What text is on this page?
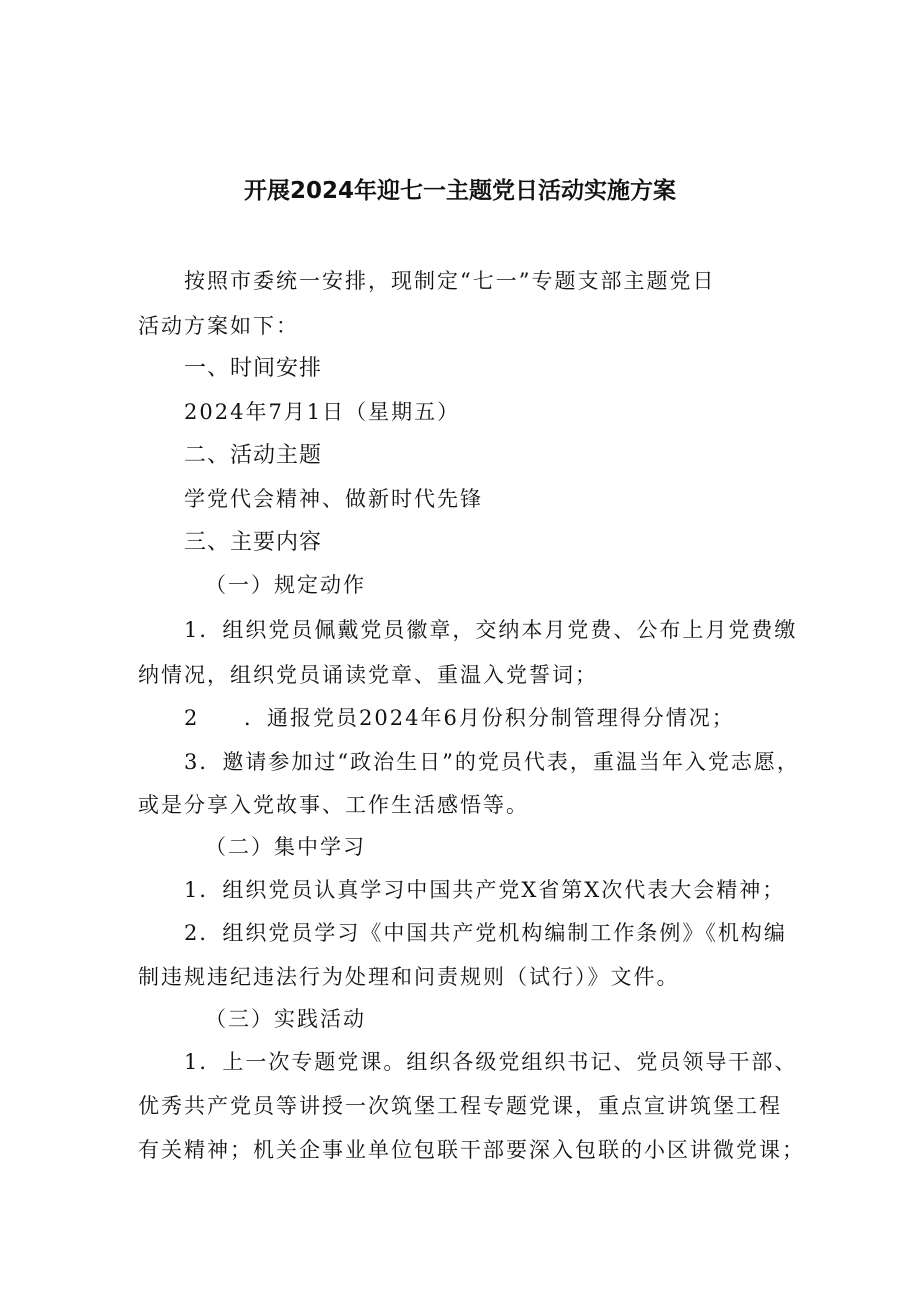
开展2024年迎七一主题党日活动实施方案
按照市委统一安排，现制定“七一”专题支部主题党日
活动方案如下：
一、时间安排
2024年7月1日（星期五）
二、活动主题
学党代会精神、做新时代先锋
三、主要内容
（一）规定动作
1．组织党员佩戴党员徽章，交纳本月党费、公布上月党费缴
纳情况，组织党员诵读党章、重温入党誓词；
2 ．通报党员2024年6月份积分制管理得分情况；
3．邀请参加过“政治生日”的党员代表，重温当年入党志愿，
或是分享入党故事、工作生活感悟等。
（二）集中学习
1．组织党员认真学习中国共产党X省第X次代表大会精神；
2．组织党员学习《中国共产党机构编制工作条例》《机构编
制违规违纪违法行为处理和问责规则（试行）》文件。
（三）实践活动
1．上一次专题党课。组织各级党组织书记、党员领导干部、
优秀共产党员等讲授一次筑堡工程专题党课，重点宣讲筑堡工程
有关精神；机关企事业单位包联干部要深入包联的小区讲微党课；
